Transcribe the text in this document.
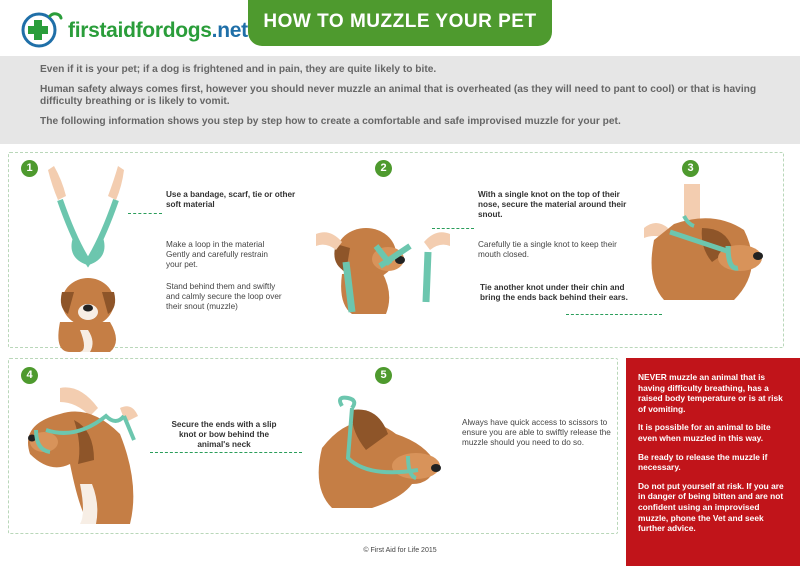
firstaidfordogs.net HOW TO MUZZLE YOUR PET

Even if it is your pet; if a dog is frightened and in pain, they are quite likely to bite.

Human safety always comes first, however you should never muzzle an animal that is overheated (as they will need to pant to cool) or that is having difficulty breathing or is likely to vomit.

The following information shows you step by step how to create a comfortable and safe improvised muzzle for your pet.

1
Use a bandage, scarf, tie or other soft material
Make a loop in the material Gently and carefully restrain your pet.
Stand behind them and swiftly and calmly secure the loop over their snout (muzzle)
2
With a single knot on the top of their nose, secure the material around their snout.
Carefully tie a single knot to keep their mouth closed.
3
Tie another knot under their chin and bring the ends back behind their ears.
4
Secure the ends with a slip knot or bow behind the animal's neck
5
Always have quick access to scissors to ensure you are able to swiftly release the muzzle should you need to do so.

NEVER muzzle an animal that is having difficulty breathing, has a raised body temperature or is at risk of vomiting.

It is possible for an animal to bite even when muzzled in this way.

Be ready to release the muzzle if necessary.

Do not put yourself at risk. If you are in danger of being bitten and are not confident using an improvised muzzle, phone the Vet and seek further advice.

© First Aid for Life 2015
